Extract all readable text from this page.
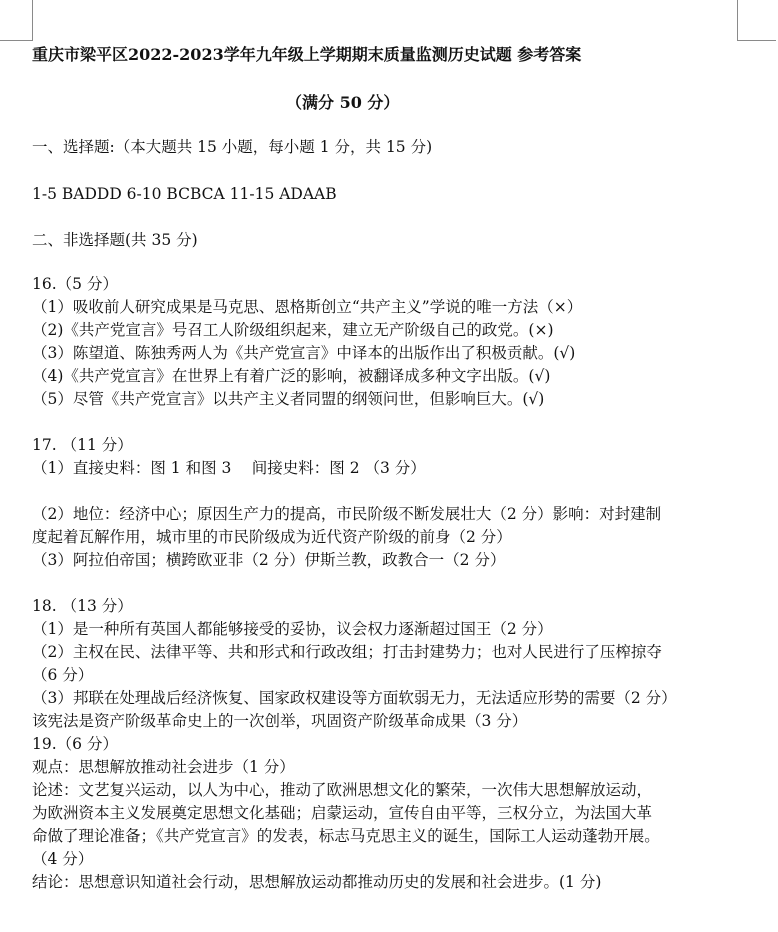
重庆市梁平区2022-2023学年九年级上学期期末质量监测历史试题 参考答案
（满分 50 分）
一、选择题:（本大题共 15 小题，每小题 1 分，共 15 分)
1-5 BADDD 6-10 BCBCA 11-15 ADAAB
二、非选择题(共 35 分)
16.（5 分）
（1）吸收前人研究成果是马克思、恩格斯创立“共产主义”学说的唯一方法（×）
（2)《共产党宣言》号召工人阶级组织起来，建立无产阶级自己的政党。(×)
（3）陈望道、陈独秀两人为《共产党宣言》中译本的出版作出了积极贡献。(√)
（4)《共产党宣言》在世界上有着广泛的影响，被翻译成多种文字出版。(√)
（5）尽管《共产党宣言》以共产主义者同盟的纲领问世，但影响巨大。(√)
17. （11 分）
（1）直接史料：图 1 和图 3　 间接史料：图 2 （3 分）
（2）地位：经济中心；原因生产力的提高，市民阶级不断发展壮大（2 分）影响：对封建制
度起着瓦解作用，城市里的市民阶级成为近代资产阶级的前身（2 分）
（3）阿拉伯帝国；横跨欧亚非（2 分）伊斯兰教，政教合一（2 分）
18. （13 分）
（1）是一种所有英国人都能够接受的妥协，议会权力逐渐超过国王（2 分）
（2）主权在民、法律平等、共和形式和行政改组；打击封建势力；也对人民进行了压榨掠夺
（6 分）
（3）邦联在处理战后经济恢复、国家政权建设等方面软弱无力，无法适应形势的需要（2 分）
该宪法是资产阶级革命史上的一次创举，巩固资产阶级革命成果（3 分）
19.（6 分）
观点：思想解放推动社会进步（1 分）
论述：文艺复兴运动，以人为中心，推动了欧洲思想文化的繁荣，一次伟大思想解放运动，
为欧洲资本主义发展奠定思想文化基础；启蒙运动，宣传自由平等，三权分立，为法国大革
命做了理论准备；《共产党宣言》的发表，标志马克思主义的诞生，国际工人运动蓬勃开展。
（4 分）
结论：思想意识知道社会行动，思想解放运动都推动历史的发展和社会进步。(1 分)
